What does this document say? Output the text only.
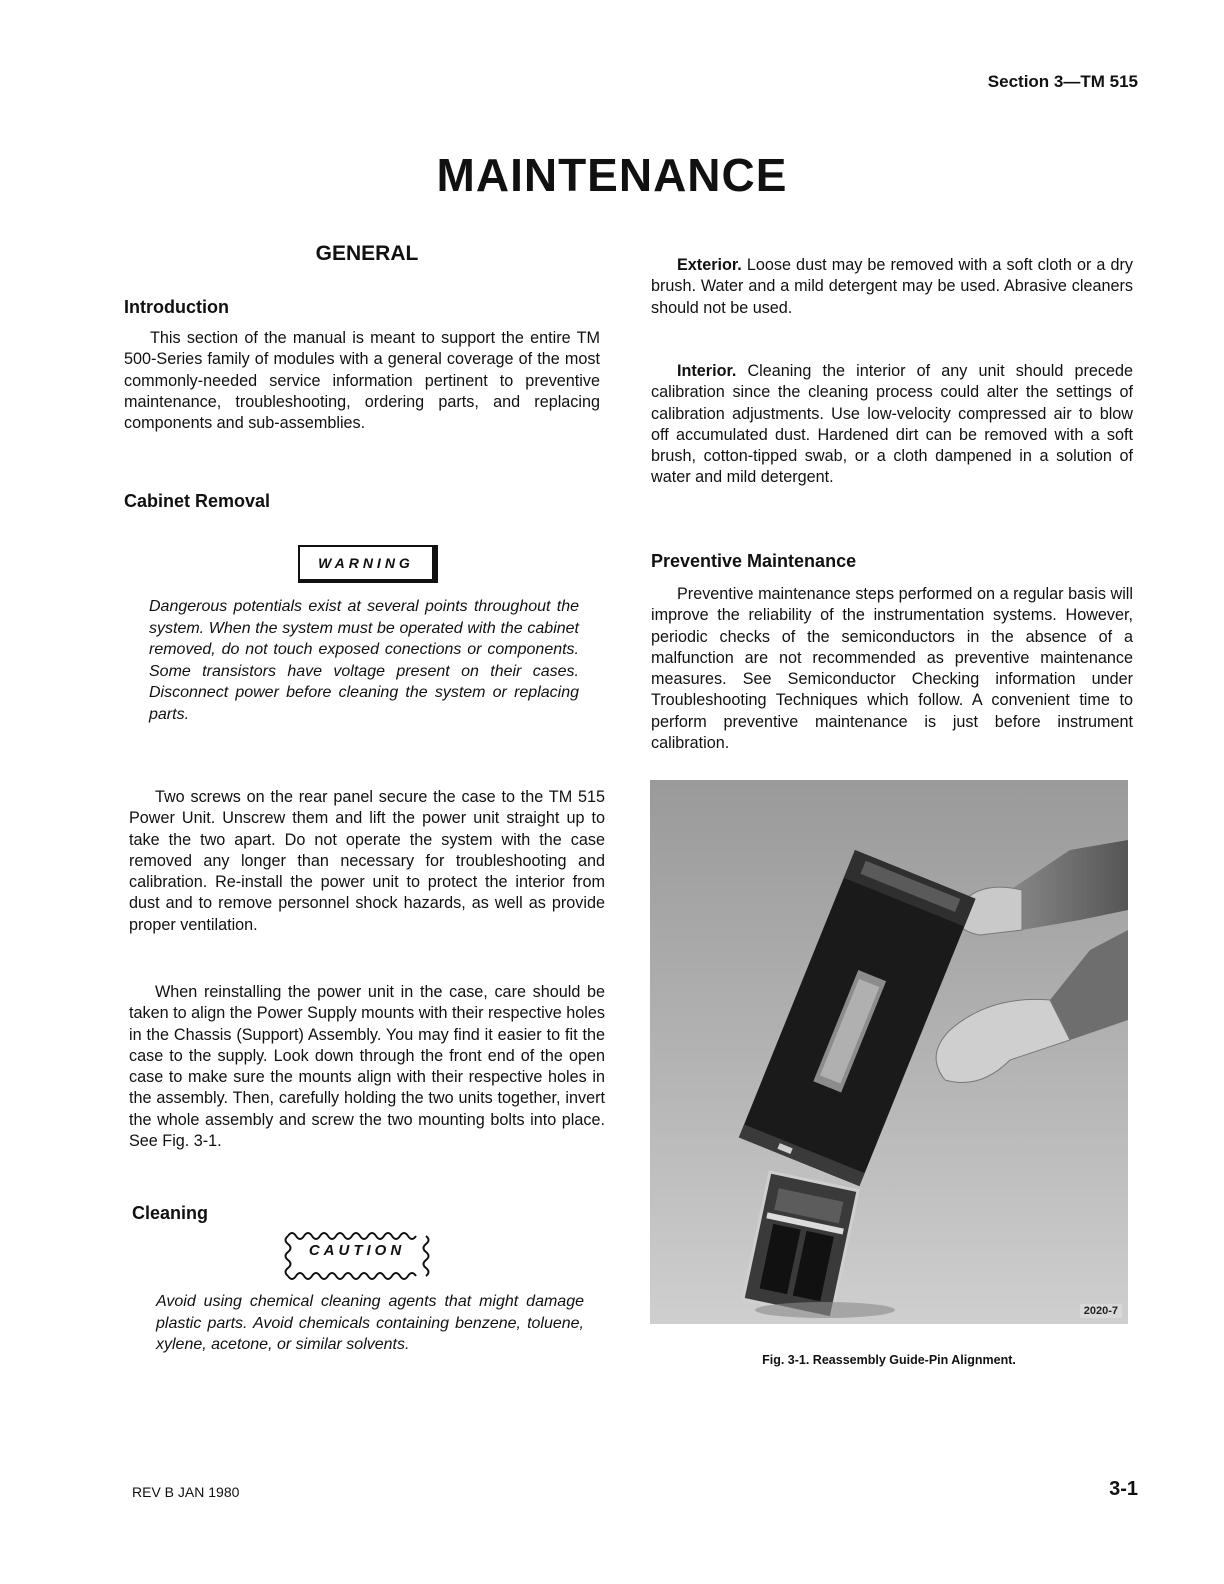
Section 3—TM 515
MAINTENANCE
GENERAL
Introduction

This section of the manual is meant to support the entire TM 500-Series family of modules with a general coverage of the most commonly-needed service information pertinent to preventive maintenance, troubleshooting, ordering parts, and replacing components and sub-assemblies.

Cabinet Removal
WARNING
Dangerous potentials exist at several points throughout the system. When the system must be operated with the cabinet removed, do not touch exposed conections or components. Some transistors have voltage present on their cases. Disconnect power before cleaning the system or replacing parts.

Two screws on the rear panel secure the case to the TM 515 Power Unit. Unscrew them and lift the power unit straight up to take the two apart. Do not operate the system with the case removed any longer than necessary for troubleshooting and calibration. Re-install the power unit to protect the interior from dust and to remove personnel shock hazards, as well as provide proper ventilation.

When reinstalling the power unit in the case, care should be taken to align the Power Supply mounts with their respective holes in the Chassis (Support) Assembly. You may find it easier to fit the case to the supply. Look down through the front end of the open case to make sure the mounts align with their respective holes in the assembly. Then, carefully holding the two units together, invert the whole assembly and screw the two mounting bolts into place. See Fig. 3-1.

Cleaning
CAUTION
Avoid using chemical cleaning agents that might damage plastic parts. Avoid chemicals containing benzene, toluene, xylene, acetone, or similar solvents.

Exterior. Loose dust may be removed with a soft cloth or a dry brush. Water and a mild detergent may be used. Abrasive cleaners should not be used.

Interior. Cleaning the interior of any unit should precede calibration since the cleaning process could alter the settings of calibration adjustments. Use low-velocity compressed air to blow off accumulated dust. Hardened dirt can be removed with a soft brush, cotton-tipped swab, or a cloth dampened in a solution of water and mild detergent.

Preventive Maintenance

Preventive maintenance steps performed on a regular basis will improve the reliability of the instrumentation systems. However, periodic checks of the semiconductors in the absence of a malfunction are not recommended as preventive maintenance measures. See Semiconductor Checking information under Troubleshooting Techniques which follow. A convenient time to perform preventive maintenance is just before instrument calibration.

2020-7
Fig. 3-1. Reassembly Guide-Pin Alignment.
REV B JAN 1980	3-1
